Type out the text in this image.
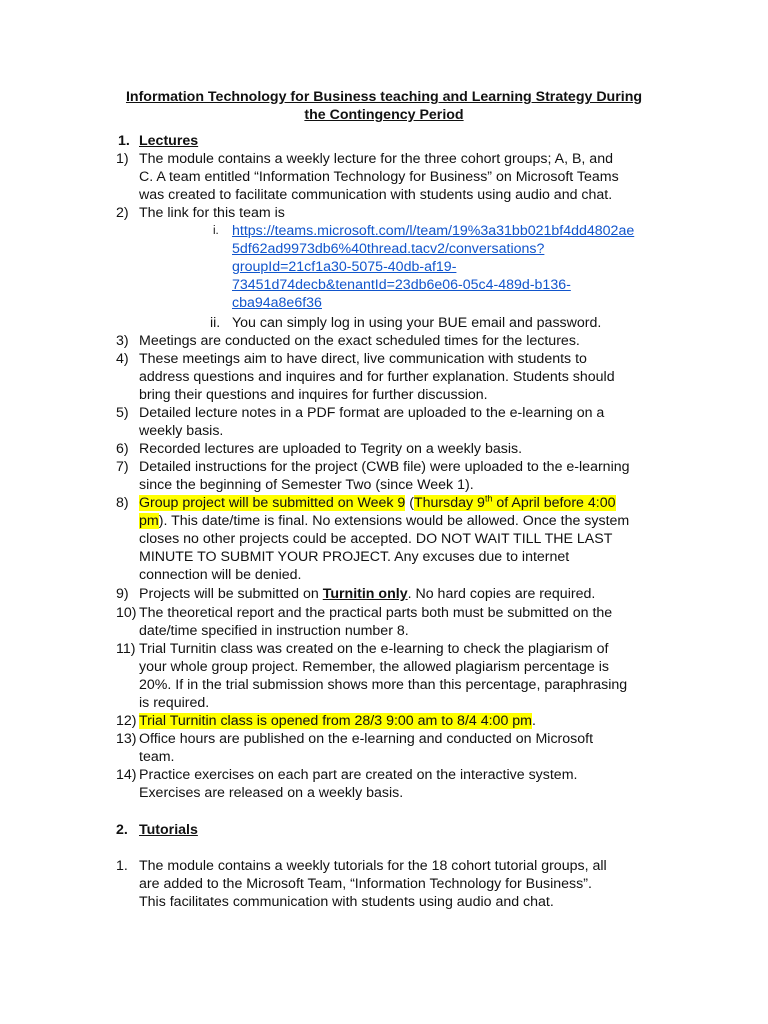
Information Technology for Business teaching and Learning Strategy During
the Contingency Period
1. Lectures
1) The module contains a weekly lecture for the three cohort groups; A, B, and
C. A team entitled “Information Technology for Business” on Microsoft Teams
was created to facilitate communication with students using audio and chat.
2) The link for this team is
i. https://teams.microsoft.com/l/team/19%3a31bb021bf4dd4802ae
5df62ad9973db6%40thread.tacv2/conversations?
groupId=21cf1a30-5075-40db-af19-
73451d74decb&tenantId=23db6e06-05c4-489d-b136-
cba94a8e6f36
ii. You can simply log in using your BUE email and password.
3) Meetings are conducted on the exact scheduled times for the lectures.
4) These meetings aim to have direct, live communication with students to
address questions and inquires and for further explanation. Students should
bring their questions and inquires for further discussion.
5) Detailed lecture notes in a PDF format are uploaded to the e-learning on a
weekly basis.
6) Recorded lectures are uploaded to Tegrity on a weekly basis.
7) Detailed instructions for the project (CWB file) were uploaded to the e-learning
since the beginning of Semester Two (since Week 1).
8) Group project will be submitted on Week 9 (Thursday 9th of April before 4:00
pm). This date/time is final. No extensions would be allowed. Once the system
closes no other projects could be accepted. DO NOT WAIT TILL THE LAST
MINUTE TO SUBMIT YOUR PROJECT. Any excuses due to internet
connection will be denied.
9) Projects will be submitted on Turnitin only. No hard copies are required.
10) The theoretical report and the practical parts both must be submitted on the
date/time specified in instruction number 8.
11) Trial Turnitin class was created on the e-learning to check the plagiarism of
your whole group project. Remember, the allowed plagiarism percentage is
20%. If in the trial submission shows more than this percentage, paraphrasing
is required.
12) Trial Turnitin class is opened from 28/3 9:00 am to 8/4 4:00 pm.
13) Office hours are published on the e-learning and conducted on Microsoft
team.
14) Practice exercises on each part are created on the interactive system.
Exercises are released on a weekly basis.
2. Tutorials
1. The module contains a weekly tutorials for the 18 cohort tutorial groups, all
are added to the Microsoft Team, “Information Technology for Business”.
This facilitates communication with students using audio and chat.
